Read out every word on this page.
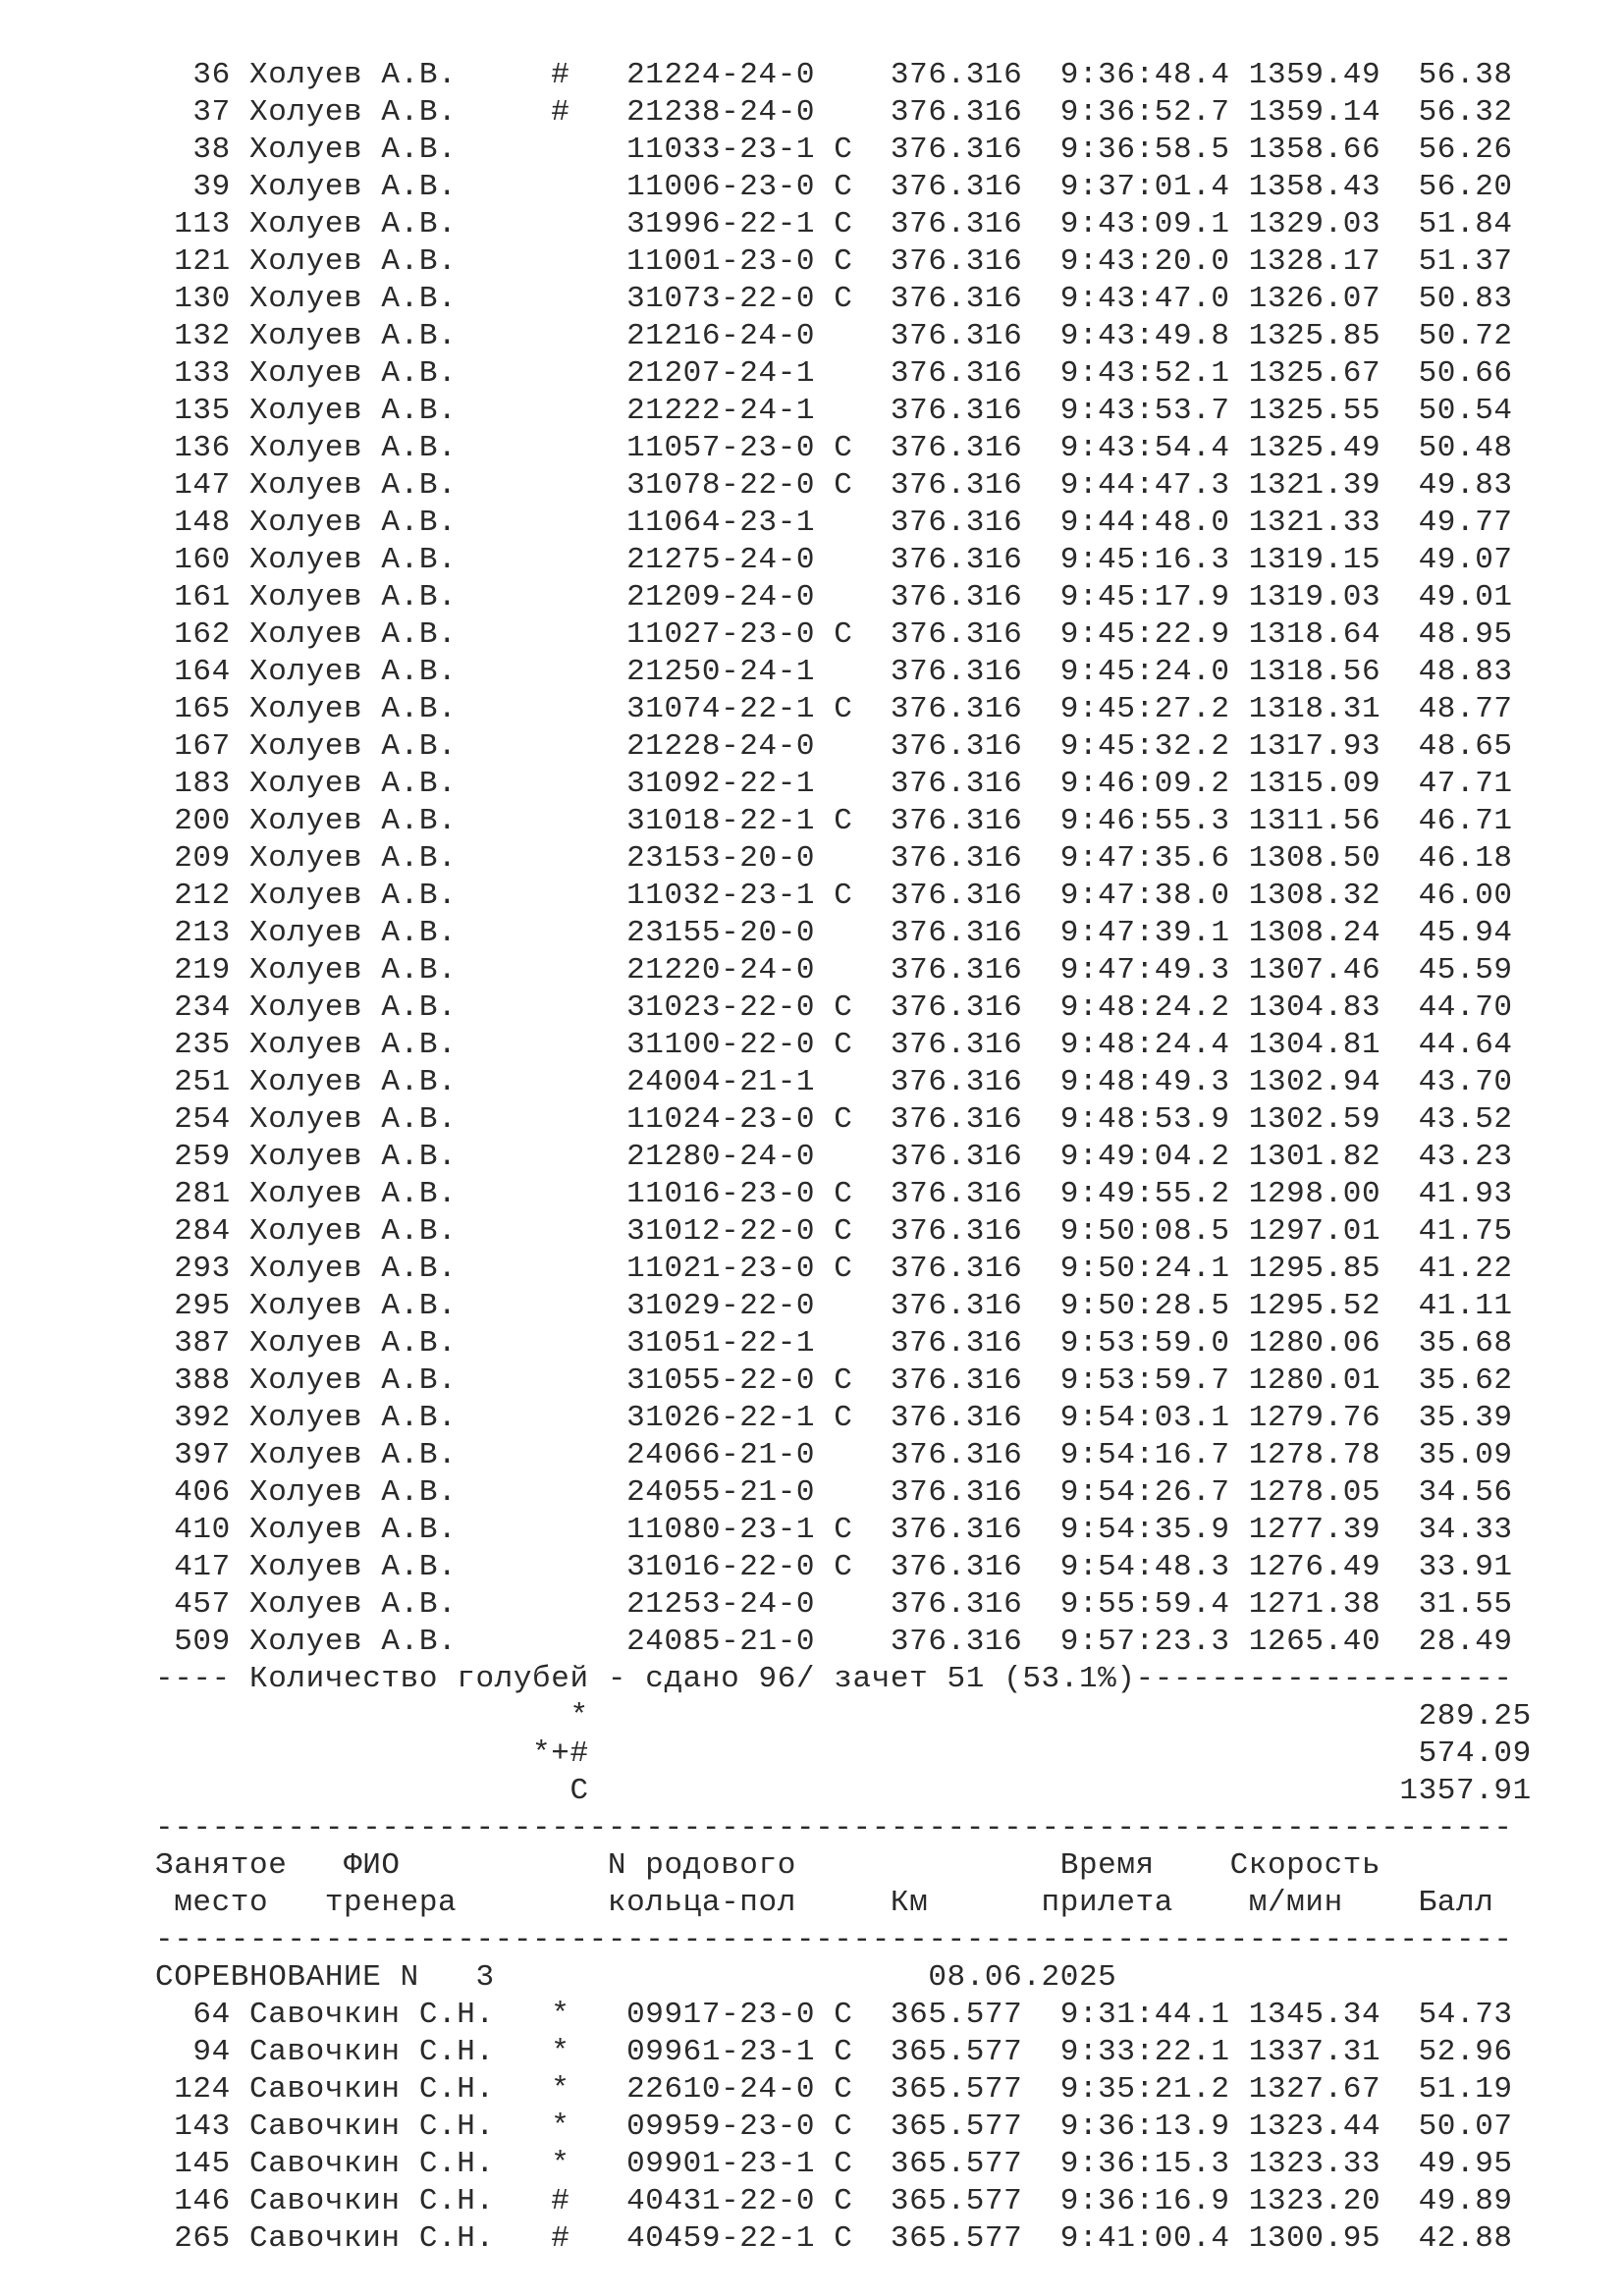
36 Холуев А.В.     #   21224-24-0    376.316  9:36:48.4 1359.49  56.38
37 Холуев А.В.     #   21238-24-0    376.316  9:36:52.7 1359.14  56.32
38 Холуев А.В.         11033-23-1 С  376.316  9:36:58.5 1358.66  56.26
39 Холуев А.В.         11006-23-0 С  376.316  9:37:01.4 1358.43  56.20
113 Холуев А.В.         31996-22-1 С  376.316  9:43:09.1 1329.03  51.84
121 Холуев А.В.         11001-23-0 С  376.316  9:43:20.0 1328.17  51.37
130 Холуев А.В.         31073-22-0 С  376.316  9:43:47.0 1326.07  50.83
132 Холуев А.В.         21216-24-0    376.316  9:43:49.8 1325.85  50.72
133 Холуев А.В.         21207-24-1    376.316  9:43:52.1 1325.67  50.66
135 Холуев А.В.         21222-24-1    376.316  9:43:53.7 1325.55  50.54
136 Холуев А.В.         11057-23-0 С  376.316  9:43:54.4 1325.49  50.48
147 Холуев А.В.         31078-22-0 С  376.316  9:44:47.3 1321.39  49.83
148 Холуев А.В.         11064-23-1    376.316  9:44:48.0 1321.33  49.77
160 Холуев А.В.         21275-24-0    376.316  9:45:16.3 1319.15  49.07
161 Холуев А.В.         21209-24-0    376.316  9:45:17.9 1319.03  49.01
162 Холуев А.В.         11027-23-0 С  376.316  9:45:22.9 1318.64  48.95
164 Холуев А.В.         21250-24-1    376.316  9:45:24.0 1318.56  48.83
165 Холуев А.В.         31074-22-1 С  376.316  9:45:27.2 1318.31  48.77
167 Холуев А.В.         21228-24-0    376.316  9:45:32.2 1317.93  48.65
183 Холуев А.В.         31092-22-1    376.316  9:46:09.2 1315.09  47.71
200 Холуев А.В.         31018-22-1 С  376.316  9:46:55.3 1311.56  46.71
209 Холуев А.В.         23153-20-0    376.316  9:47:35.6 1308.50  46.18
212 Холуев А.В.         11032-23-1 С  376.316  9:47:38.0 1308.32  46.00
213 Холуев А.В.         23155-20-0    376.316  9:47:39.1 1308.24  45.94
219 Холуев А.В.         21220-24-0    376.316  9:47:49.3 1307.46  45.59
234 Холуев А.В.         31023-22-0 С  376.316  9:48:24.2 1304.83  44.70
235 Холуев А.В.         31100-22-0 С  376.316  9:48:24.4 1304.81  44.64
251 Холуев А.В.         24004-21-1    376.316  9:48:49.3 1302.94  43.70
254 Холуев А.В.         11024-23-0 С  376.316  9:48:53.9 1302.59  43.52
259 Холуев А.В.         21280-24-0    376.316  9:49:04.2 1301.82  43.23
281 Холуев А.В.         11016-23-0 С  376.316  9:49:55.2 1298.00  41.93
284 Холуев А.В.         31012-22-0 С  376.316  9:50:08.5 1297.01  41.75
293 Холуев А.В.         11021-23-0 С  376.316  9:50:24.1 1295.85  41.22
295 Холуев А.В.         31029-22-0    376.316  9:50:28.5 1295.52  41.11
387 Холуев А.В.         31051-22-1    376.316  9:53:59.0 1280.06  35.68
388 Холуев А.В.         31055-22-0 С  376.316  9:53:59.7 1280.01  35.62
392 Холуев А.В.         31026-22-1 С  376.316  9:54:03.1 1279.76  35.39
397 Холуев А.В.         24066-21-0    376.316  9:54:16.7 1278.78  35.09
406 Холуев А.В.         24055-21-0    376.316  9:54:26.7 1278.05  34.56
410 Холуев А.В.         11080-23-1 С  376.316  9:54:35.9 1277.39  34.33
417 Холуев А.В.         31016-22-0 С  376.316  9:54:48.3 1276.49  33.91
457 Холуев А.В.         21253-24-0    376.316  9:55:59.4 1271.38  31.55
509 Холуев А.В.         24085-21-0    376.316  9:57:23.3 1265.40  28.49
---- Количество голубей - сдано 96/ зачет 51 (53.1%)--------------------
*                                            289.25
*+#                                            574.09
С                                           1357.91
------------------------------------------------------------------------
Занятое   ФИО           N родового              Время    Скорость
место   тренера        кольца-пол     Км      прилета    м/мин    Балл
------------------------------------------------------------------------
СОРЕВНОВАНИЕ N   3                       08.06.2025
64 Савочкин С.Н.   *   09917-23-0 С  365.577  9:31:44.1 1345.34  54.73
94 Савочкин С.Н.   *   09961-23-1 С  365.577  9:33:22.1 1337.31  52.96
124 Савочкин С.Н.   *   22610-24-0 С  365.577  9:35:21.2 1327.67  51.19
143 Савочкин С.Н.   *   09959-23-0 С  365.577  9:36:13.9 1323.44  50.07
145 Савочкин С.Н.   *   09901-23-1 С  365.577  9:36:15.3 1323.33  49.95
146 Савочкин С.Н.   #   40431-22-0 С  365.577  9:36:16.9 1323.20  49.89
265 Савочкин С.Н.   #   40459-22-1 С  365.577  9:41:00.4 1300.95  42.88
